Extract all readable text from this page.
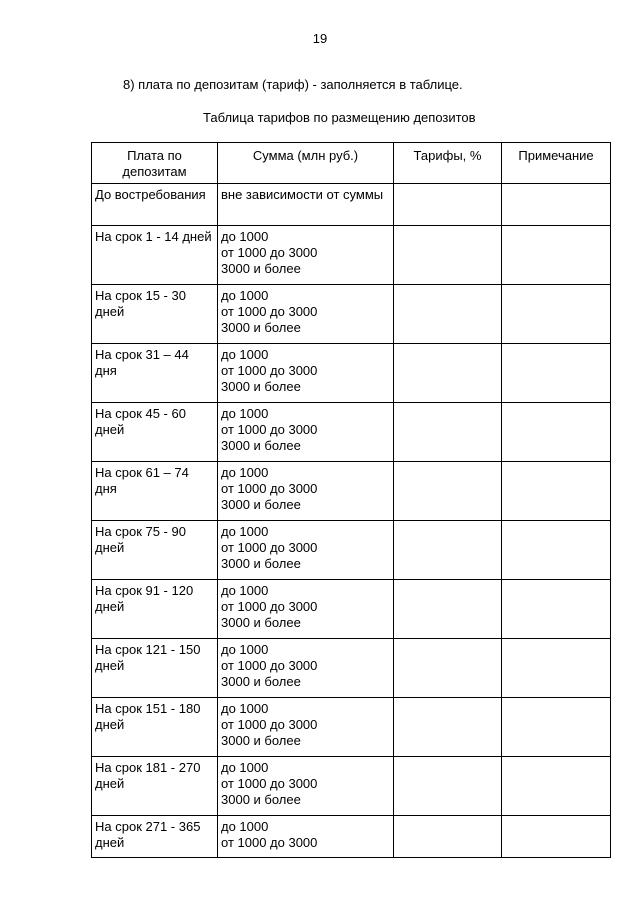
19
8) плата по депозитам (тариф) - заполняется в таблице.
Таблица тарифов по размещению депозитов
Плата по депозитам	Сумма (млн руб.)	Тарифы, %	Примечание
До востребования	вне зависимости от суммы		

На срок 1 - 14 дней	до 1000
от 1000 до 3000
3000 и более		

На срок 15 - 30 дней	до 1000
от 1000 до 3000
3000 и более		

На срок 31 – 44 дня	до 1000
от 1000 до 3000
3000 и более		

На срок 45 - 60 дней	до 1000
от 1000 до 3000
3000 и более		

На срок 61 – 74 дня	до 1000
от 1000 до 3000
3000 и более		

На срок 75 - 90 дней	до 1000
от 1000 до 3000
3000 и более		

На срок 91 - 120 дней	до 1000
от 1000 до 3000
3000 и более		

На срок 121 - 150 дней	до 1000
от 1000 до 3000
3000 и более		

На срок 151 - 180 дней	до 1000
от 1000 до 3000
3000 и более		

На срок 181 - 270 дней	до 1000
от 1000 до 3000
3000 и более		

На срок 271 - 365 дней	до 1000
от 1000 до 3000		
